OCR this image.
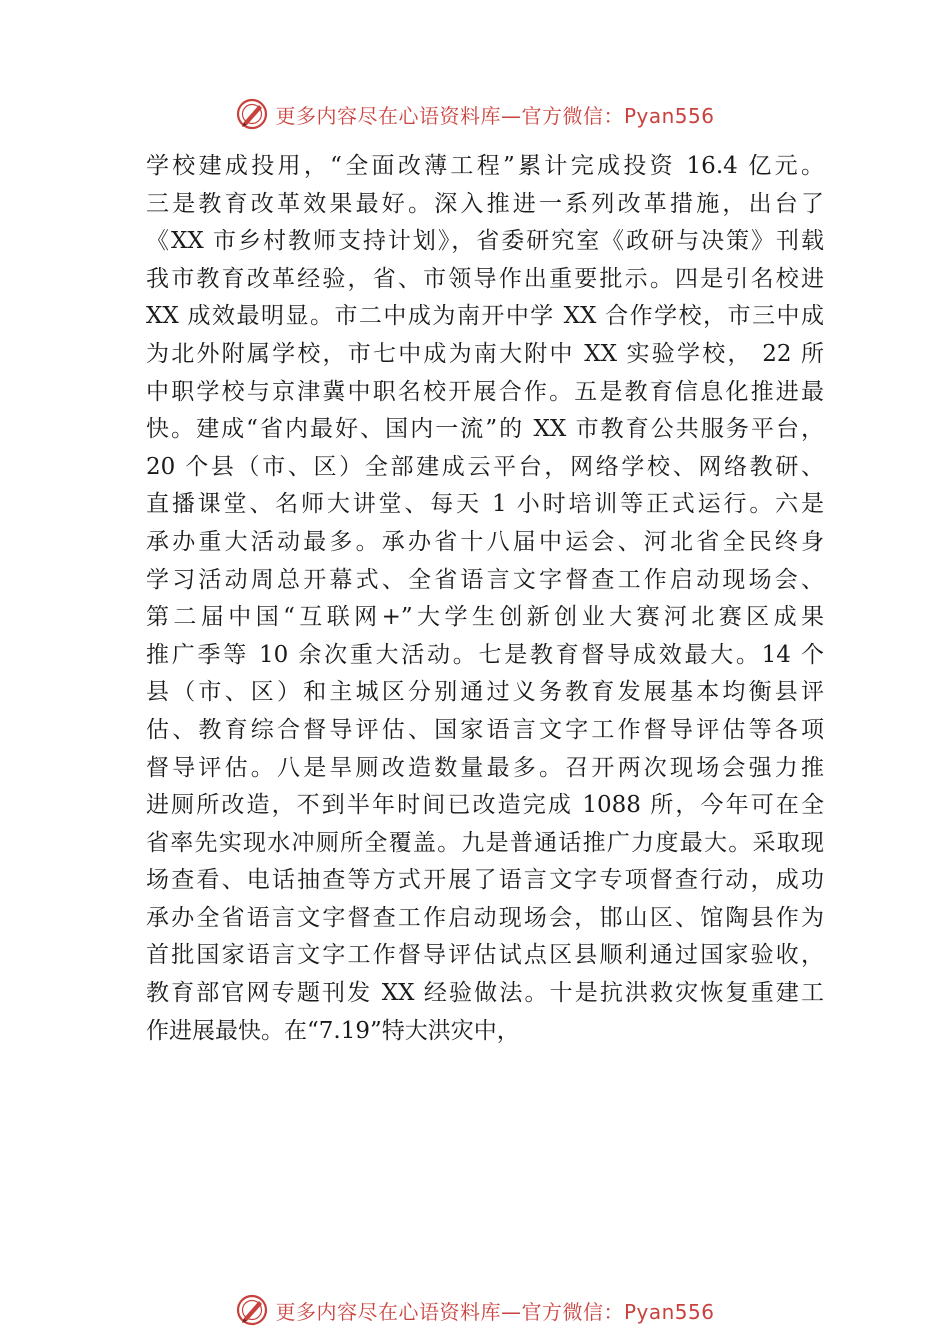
更多内容尽在心语资料库—官方微信：Pyan556
学校建成投用，“全面改薄工程”累计完成投资 16.4 亿元。
三是教育改革效果最好。深入推进一系列改革措施，出台了
《XX 市乡村教师支持计划》，省委研究室《政研与决策》刊载
我市教育改革经验，省、市领导作出重要批示。四是引名校进
XX 成效最明显。市二中成为南开中学 XX 合作学校，市三中成
为北外附属学校，市七中成为南大附中 XX 实验学校， 22 所
中职学校与京津冀中职名校开展合作。五是教育信息化推进最
快。建成“省内最好、国内一流”的 XX 市教育公共服务平台，
20 个县（市、区）全部建成云平台，网络学校、网络教研、
直播课堂、名师大讲堂、每天 1 小时培训等正式运行。六是
承办重大活动最多。承办省十八届中运会、河北省全民终身
学习活动周总开幕式、全省语言文字督查工作启动现场会、
第二届中国“互联网+”大学生创新创业大赛河北赛区成果
推广季等 10 余次重大活动。七是教育督导成效最大。14 个
县（市、区）和主城区分别通过义务教育发展基本均衡县评
估、教育综合督导评估、国家语言文字工作督导评估等各项
督导评估。八是旱厕改造数量最多。召开两次现场会强力推
进厕所改造，不到半年时间已改造完成 1088 所，今年可在全
省率先实现水冲厕所全覆盖。九是普通话推广力度最大。采取现
场查看、电话抽查等方式开展了语言文字专项督查行动，成功
承办全省语言文字督查工作启动现场会，邯山区、馆陶县作为
首批国家语言文字工作督导评估试点区县顺利通过国家验收，
教育部官网专题刊发 XX 经验做法。十是抗洪救灾恢复重建工
作进展最快。在“7.19”特大洪灾中，
更多内容尽在心语资料库—官方微信：Pyan556
